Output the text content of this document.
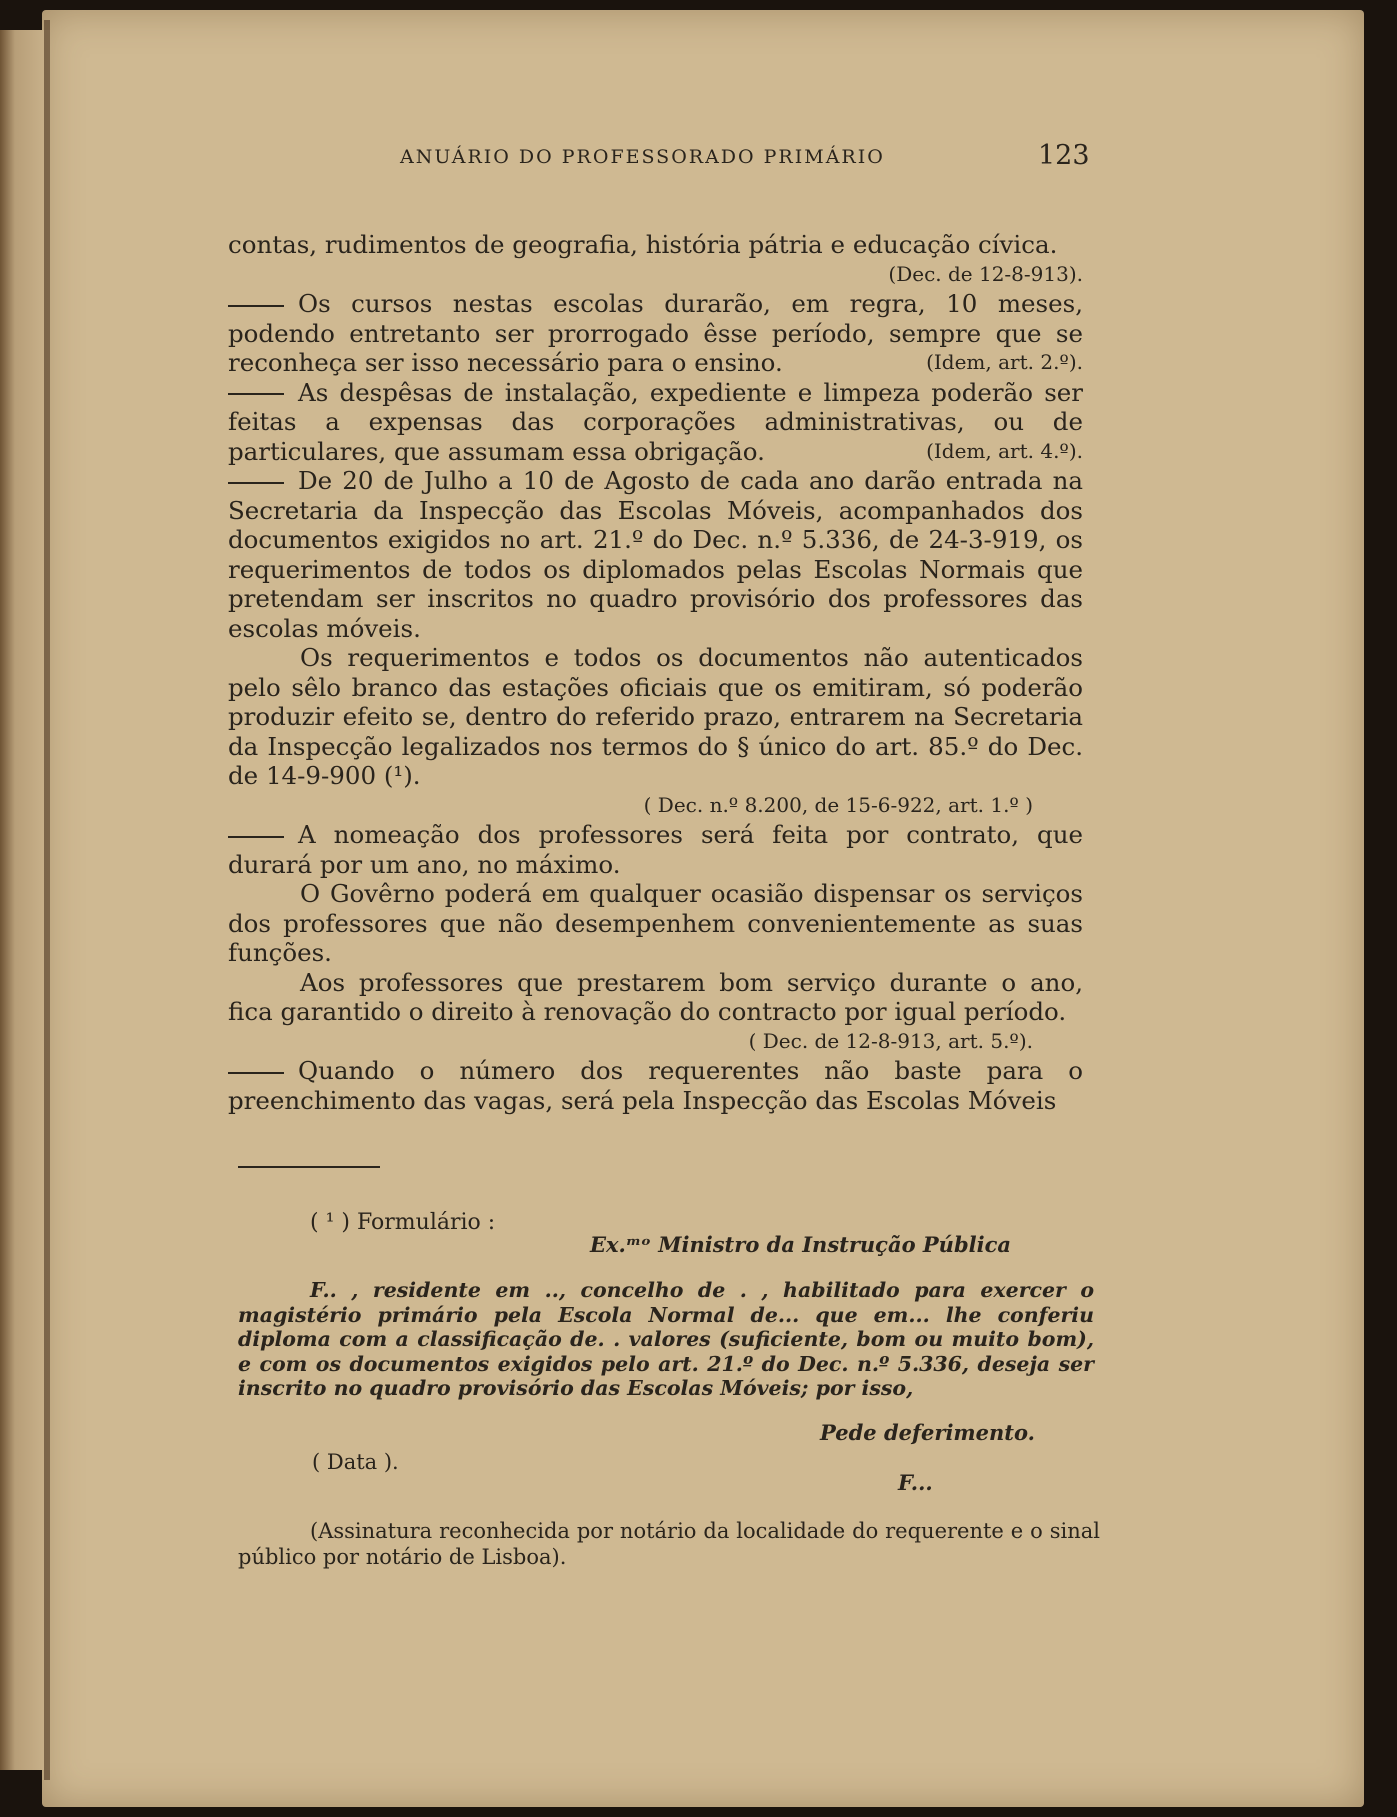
ANUÁRIO DO PROFESSORADO PRIMÁRIO	123

contas, rudimentos de geografia, história pátria e educação cívica.
(Dec. de 12-8-913).

Os cursos nestas escolas durarão, em regra, 10 meses, podendo entretanto ser prorrogado êsse período, sempre que se reconheça ser isso necessário para o ensino.	(Idem, art. 2.º).

As despêsas de instalação, expediente e limpeza poderão ser feitas a expensas das corporações administrativas, ou de particulares, que assumam essa obrigação.	(Idem, art. 4.º).

De 20 de Julho a 10 de Agosto de cada ano darão entrada na Secretaria da Inspecção das Escolas Móveis, acompanhados dos documentos exigidos no art. 21.º do Dec. n.º 5.336, de 24-3-919, os requerimentos de todos os diplomados pelas Escolas Normais que pretendam ser inscritos no quadro provisório dos professores das escolas móveis.

Os requerimentos e todos os documentos não autenticados pelo sêlo branco das estações oficiais que os emitiram, só poderão produzir efeito se, dentro do referido prazo, entrarem na Secretaria da Inspecção legalizados nos termos do § único do art. 85.º do Dec. de 14-9-900 (¹).

( Dec. n.º 8.200, de 15-6-922, art. 1.º )

A nomeação dos professores será feita por contrato, que durará por um ano, no máximo.

O Govêrno poderá em qualquer ocasião dispensar os serviços dos professores que não desempenhem convenientemente as suas funções.

Aos professores que prestarem bom serviço durante o ano, fica garantido o direito à renovação do contracto por igual período.

( Dec. de 12-8-913, art. 5.º).

Quando o número dos requerentes não baste para o preenchimento das vagas, será pela Inspecção das Escolas Móveis

( ¹ ) Formulário :
Ex.ᵐᵒ Ministro da Instrução Pública
F.. , residente em .., concelho de . , habilitado para exercer o magistério primário pela Escola Normal de... que em... lhe conferiu diploma com a classificação de. . valores (suficiente, bom ou muito bom), e com os documentos exigidos pelo art. 21.º do Dec. n.º 5.336, deseja ser inscrito no quadro provisório das Escolas Móveis; por isso,
Pede deferimento.
( Data ).
F...
(Assinatura reconhecida por notário da localidade do requerente e o sinal público por notário de Lisboa).
